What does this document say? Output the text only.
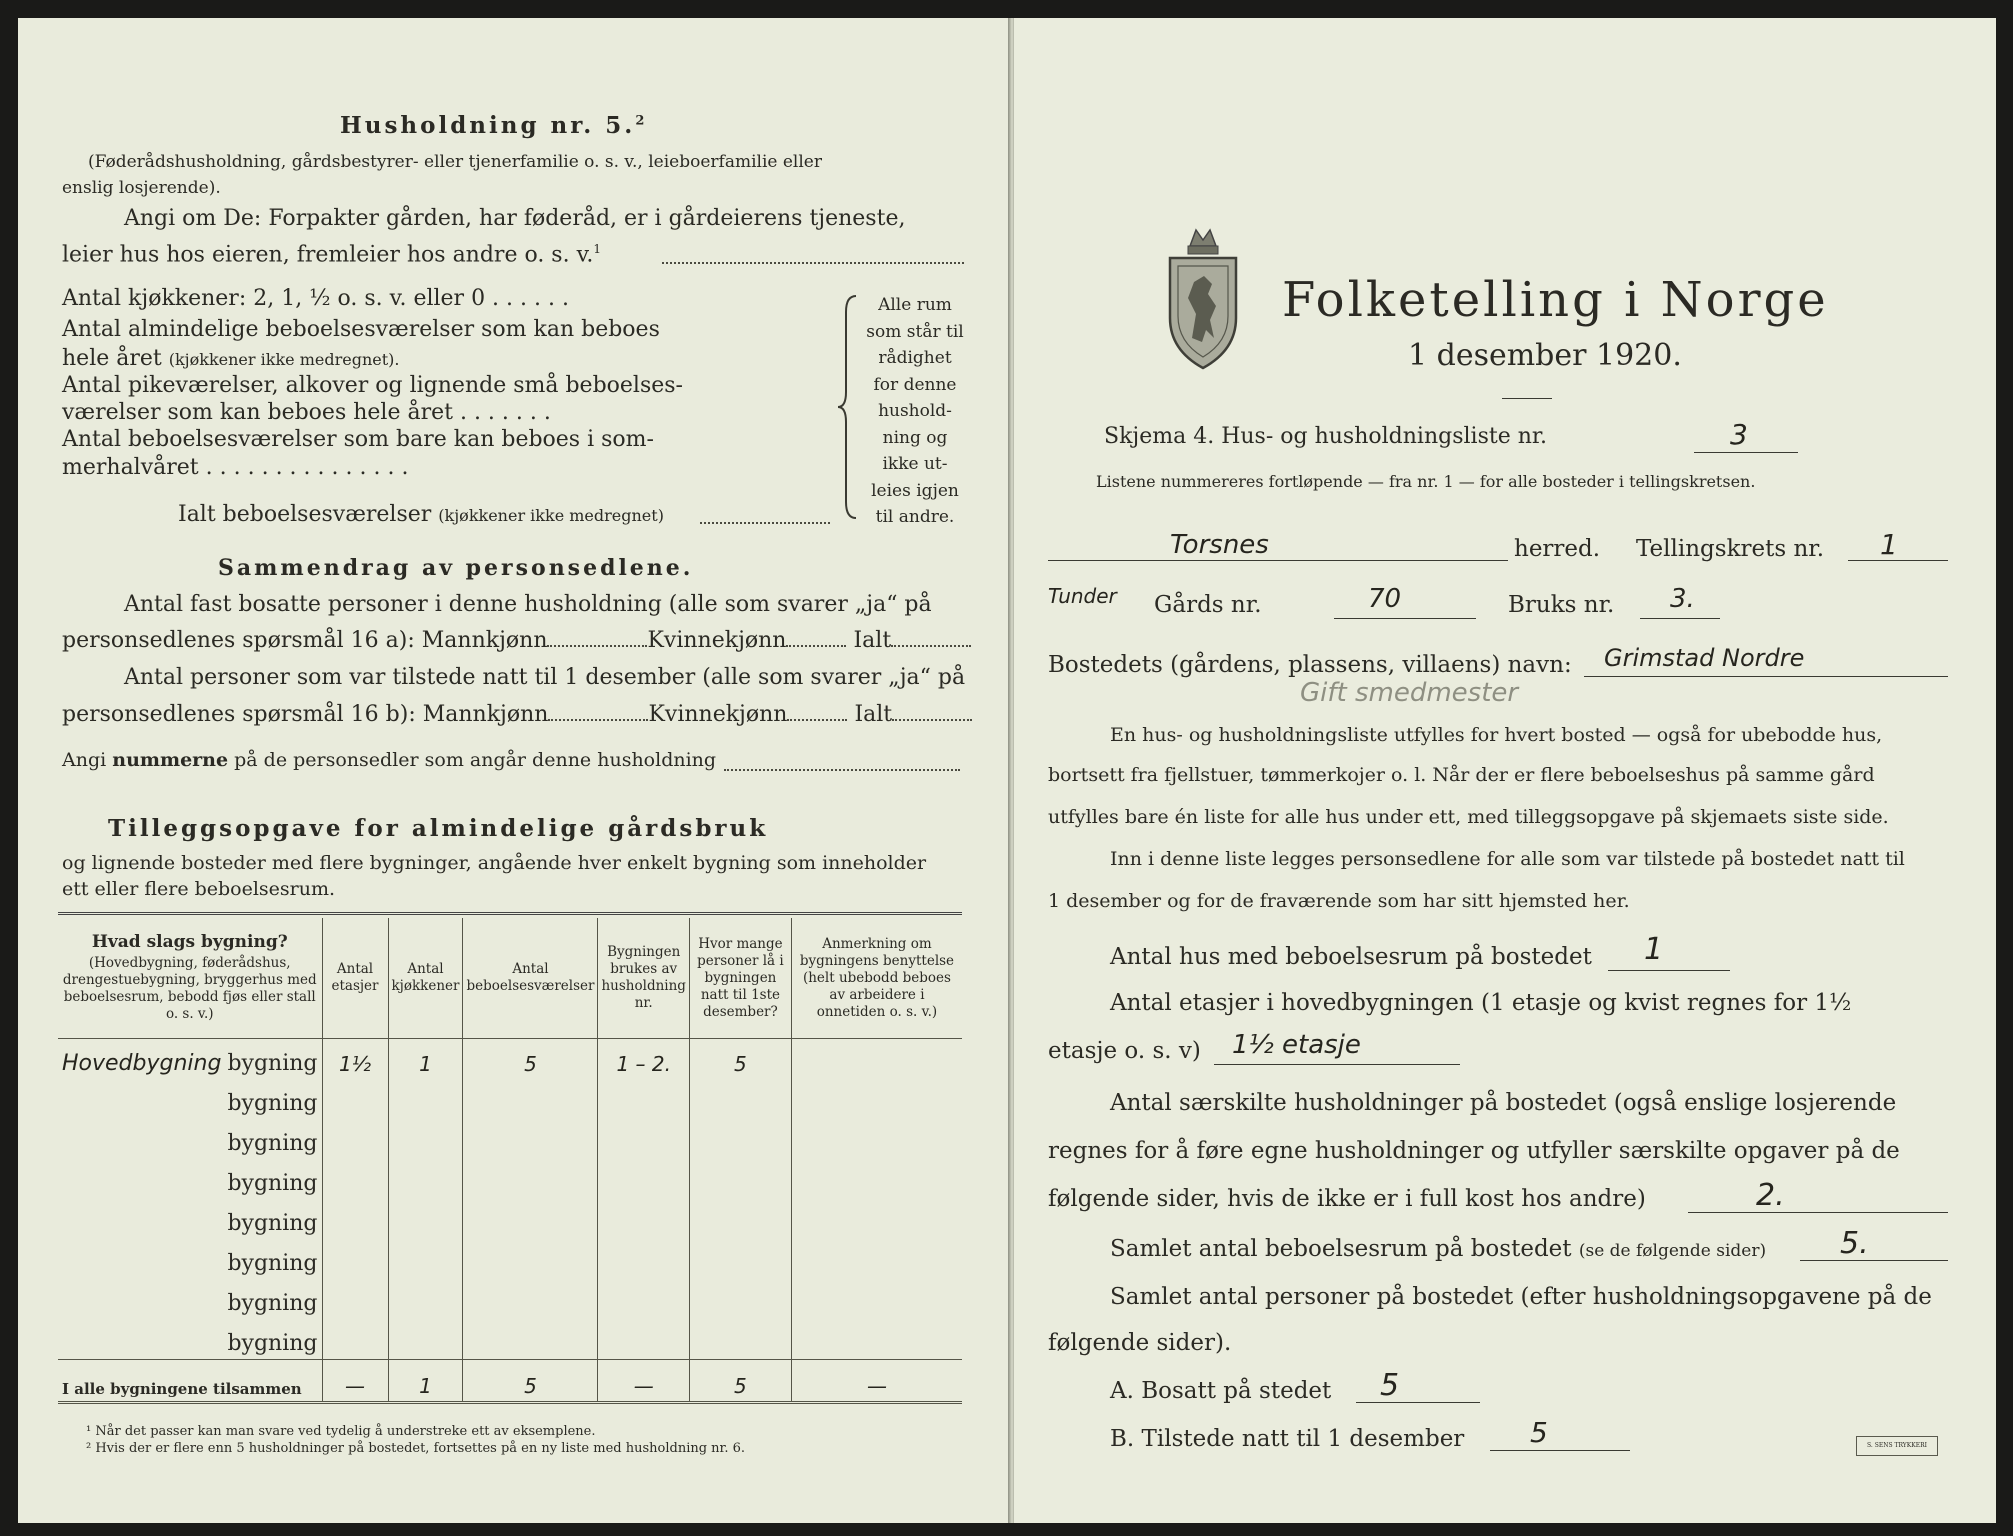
Husholdning nr. 5.$^2$
(Føderådshusholdning, gårdsbestyrer- eller tjenerfamilie o. s. v., leieboerfamilie eller
enslig losjerende).
Angi om De: Forpakter gården, har føderåd, er i gårdeierens tjeneste,
leier hus hos eieren, fremleier hos andre o. s. v.$^1$
Antal kjøkkener: 2, 1, ½ o. s. v. eller 0 . . . . . .
Antal almindelige beboelsesværelser som kan beboes
hele året (kjøkkener ikke medregnet).
Antal pikeværelser, alkover og lignende små beboelses-
værelser som kan beboes hele året . . . . . . .
Antal beboelsesværelser som bare kan beboes i som-
merhalvåret . . . . . . . . . . . . . . .
Ialt beboelsesværelser (kjøkkener ikke medregnet)
Alle rum
som står til
rådighet
for denne
hushold-
ning og
ikke ut-
leies igjen
til andre.
Sammendrag av personsedlene.
Antal fast bosatte personer i denne husholdning (alle som svarer „ja“ på
personsedlenes spørsmål 16 a): Mannkjønn	Kvinnekjønn	Ialt
Antal personer som var tilstede natt til 1 desember (alle som svarer „ja“ på
personsedlenes spørsmål 16 b): Mannkjønn	Kvinnekjønn	Ialt
Angi nummerne på de personsedler som angår denne husholdning
Tilleggsopgave for almindelige gårdsbruk
og lignende bosteder med flere bygninger, angående hver enkelt bygning som inneholder
ett eller flere beboelsesrum.
Hvad slags bygning?
(Hovedbygning, føderådshus, drengestuebygning, bryggerhus med beboelsesrum, bebodd fjøs eller stall o. s. v.)	Antal etasjer	Antal kjøkkener	Antal beboelsesværelser	Bygningen brukes av husholdning nr.	Hvor mange personer lå i bygningen natt til 1ste desember?	Anmerkning om bygningens benyttelse (helt ubebodd beboes av arbeidere i onnetiden o. s. v.)

Hovedbygning bygning	1½	1	5	1 – 2.	5	
bygning						
bygning						
bygning						
bygning						
bygning						
bygning						
bygning						
I alle bygningene tilsammen	—	1	5	—	5	—
¹ Når det passer kan man svare ved tydelig å understreke ett av eksemplene.
² Hvis der er flere enn 5 husholdninger på bostedet, fortsettes på en ny liste med husholdning nr. 6.
Folketelling i Norge
1 desember 1920.
Skjema 4. Hus- og husholdningsliste nr.	3
Listene nummereres fortløpende — fra nr. 1 — for alle bosteder i tellingskretsen.
Torsnes	herred. Tellingskrets nr. 1
Tunder Gårds nr.	70	Bruks nr. 3.
Bostedets (gårdens, plassens, villaens) navn: Grimstad Nordre
Gift smedmester
En hus- og husholdningsliste utfylles for hvert bosted — også for ubebodde hus,
bortsett fra fjellstuer, tømmerkojer o. l. Når der er flere beboelseshus på samme gård
utfylles bare én liste for alle hus under ett, med tilleggsopgave på skjemaets siste side.
Inn i denne liste legges personsedlene for alle som var tilstede på bostedet natt til
1 desember og for de fraværende som har sitt hjemsted her.
Antal hus med beboelsesrum på bostedet 1
Antal etasjer i hovedbygningen (1 etasje og kvist regnes for 1½
etasje o. s. v) 1½ etasje
Antal særskilte husholdninger på bostedet (også enslige losjerende
regnes for å føre egne husholdninger og utfyller særskilte opgaver på de
følgende sider, hvis de ikke er i full kost hos andre)	2.
Samlet antal beboelsesrum på bostedet (se de følgende sider) 5.
Samlet antal personer på bostedet (efter husholdningsopgavene på de
følgende sider).
A. Bosatt på stedet 5
B. Tilstede natt til 1 desember 5	S. SENS TRYKKERI
